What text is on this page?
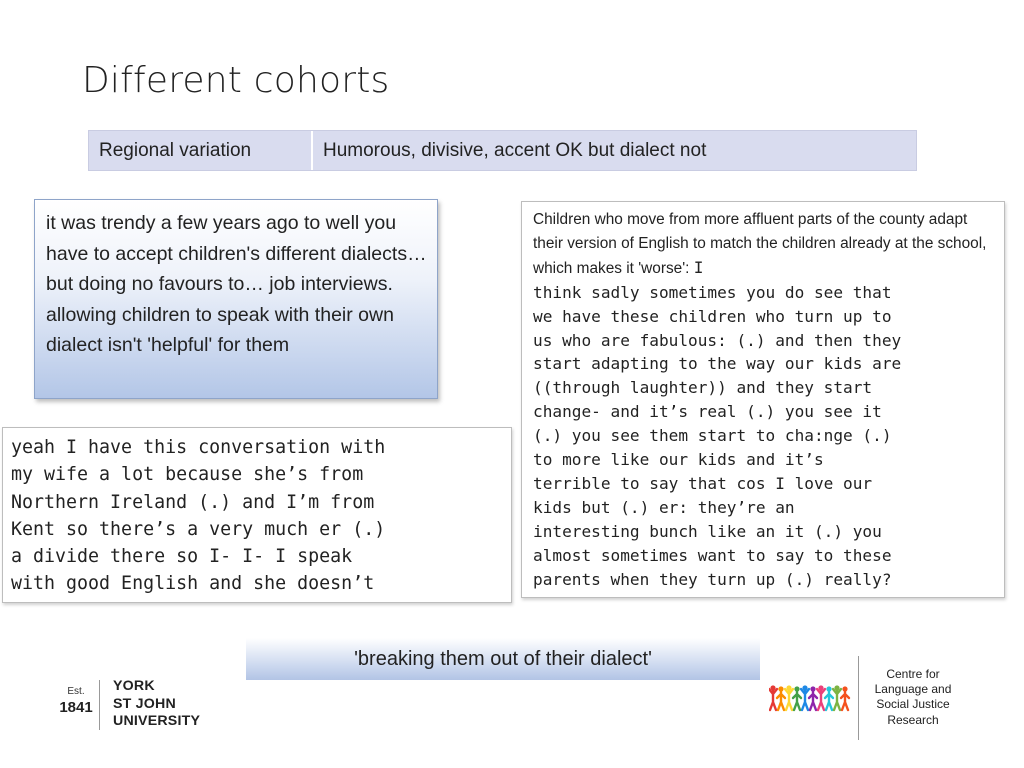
Different cohorts
Regional variation	Humorous, divisive, accent OK but dialect not
it was trendy a few years ago to well you have to accept children's different dialects… but doing no favours to… job interviews. allowing children to speak with their own dialect isn't 'helpful' for them
yeah I have this conversation with
my wife a lot because she’s from
Northern Ireland (.) and I’m from
Kent so there’s a very much er (.)
a divide there so I- I- I speak
with good English and she doesn’t
Children who move from more affluent parts of the county adapt their version of English to match the children already at the school, which makes it 'worse': I
think sadly sometimes you do see that
we have these children who turn up to
us who are fabulous: (.) and then they
start adapting to the way our kids are
((through laughter)) and they start
change- and it’s real (.) you see it
(.) you see them start to cha:nge (.)
to more like our kids and it’s
terrible to say that cos I love our
kids but (.) er: they’re an
interesting bunch like an it (.) you
almost sometimes want to say to these
parents when they turn up (.) really?
'breaking them out of their dialect'
Est.
1841
YORK
ST JOHN
UNIVERSITY
Centre for
Language and
Social Justice
Research
